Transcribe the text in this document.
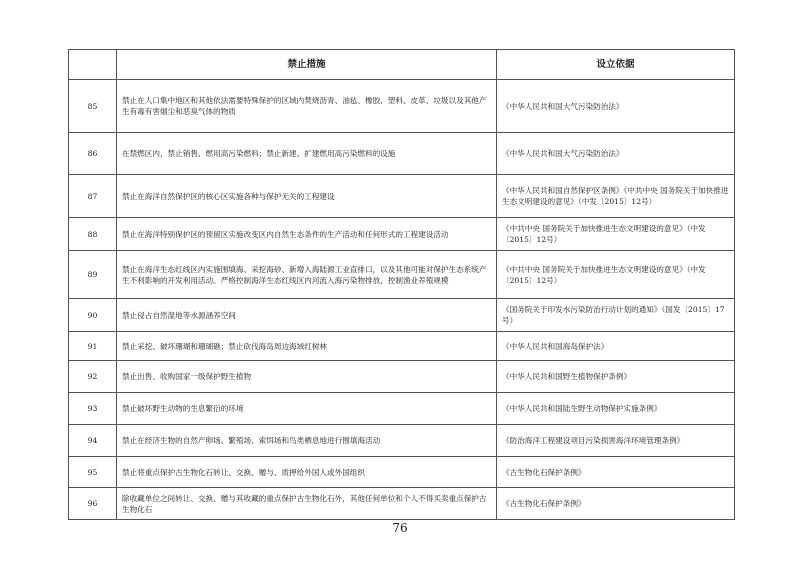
	禁止措施	设立依据
85	禁止在人口集中地区和其他依法需要特殊保护的区域内焚烧沥青、油毡、橡胶、塑料、皮革、垃圾以及其他产生有毒有害烟尘和恶臭气体的物质	《中华人民共和国大气污染防治法》
86	在禁燃区内，禁止销售、燃用高污染燃料；禁止新建、扩建燃用高污染燃料的设施	《中华人民共和国大气污染防治法》
87	禁止在海洋自然保护区的核心区实施各种与保护无关的工程建设	《中华人民共和国自然保护区条例》《中共中央 国务院关于加快推进生态文明建设的意见》（中发〔2015〕12号）
88	禁止在海洋特别保护区的预留区实施改变区内自然生态条件的生产活动和任何形式的工程建设活动	《中共中央 国务院关于加快推进生态文明建设的意见》（中发〔2015〕12号）
89	禁止在海洋生态红线区内实施围填海、采挖海砂、新增入海陆源工业直排口，以及其他可能对保护生态系统产生不利影响的开发利用活动。严格控制海洋生态红线区内河流入海污染物排放，控制渔业养殖规模	《中共中央 国务院关于加快推进生态文明建设的意见》（中发〔2015〕12号）
90	禁止侵占自然湿地等水源涵养空间	《国务院关于印发水污染防治行动计划的通知》（国发〔2015〕17号）
91	禁止采挖、破坏珊瑚和珊瑚礁；禁止砍伐海岛周边海域红树林	《中华人民共和国海岛保护法》
92	禁止出售、收购国家一级保护野生植物	《中华人民共和国野生植物保护条例》
93	禁止破坏野生动物的生息繁衍的环境	《中华人民共和国陆生野生动物保护实施条例》
94	禁止在经济生物的自然产卵场、繁殖场、索饵场和鸟类栖息地进行围填海活动	《防治海洋工程建设项目污染损害海洋环境管理条例》
95	禁止将重点保护古生物化石转让、交换、赠与、质押给外国人或外国组织	《古生物化石保护条例》
96	除收藏单位之间转让、交换、赠与其收藏的重点保护古生物化石外，其他任何单位和个人不得买卖重点保护古生物化石	《古生物化石保护条例》
76
